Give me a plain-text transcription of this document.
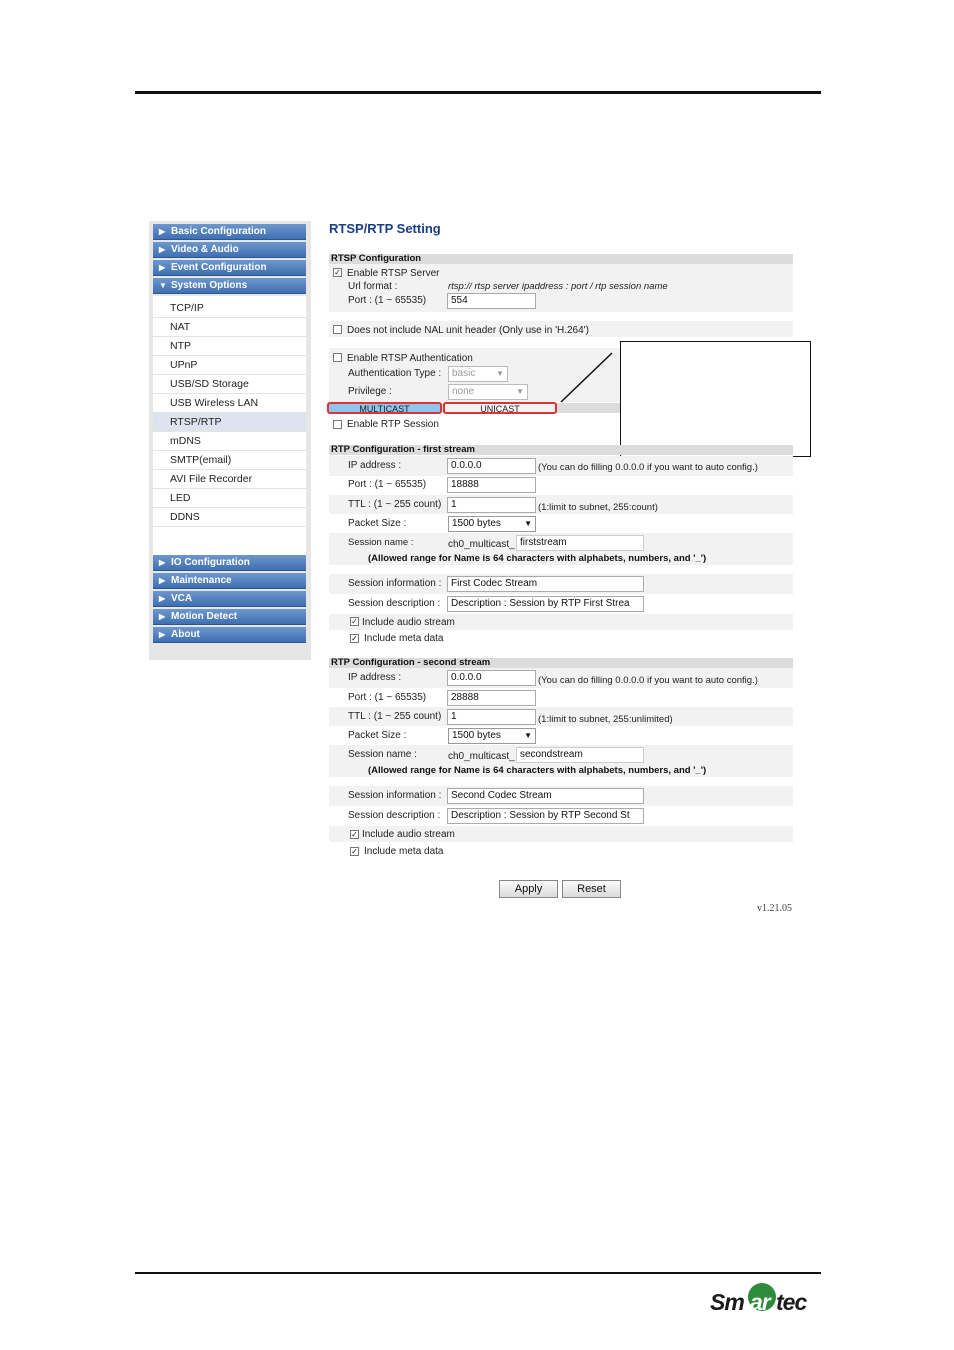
▶ Basic Configuration
▶ Video & Audio
▶ Event Configuration
▼ System Options
TCP/IP
NAT
NTP
UPnP
USB/SD Storage
USB Wireless LAN
RTSP/RTP
mDNS
SMTP(email)
AVI File Recorder
LED
DDNS
▶ IO Configuration
▶ Maintenance
▶ VCA
▶ Motion Detect
▶ About
RTSP/RTP Setting
RTSP Configuration
✓ Enable RTSP Server
Url format :	rtsp:// rtsp server ipaddress : port / rtp session name
Port : (1 ~ 65535)	554
Does not include NAL unit header (Only use in 'H.264')
Enable RTSP Authentication
Authentication Type :	basic	▼
Privilege :	none	▼
MULTICAST	UNICAST
Enable RTP Session
RTP Configuration - first stream
IP address :	0.0.0.0	(You can do filling 0.0.0.0 if you want to auto config.)
Port : (1 ~ 65535)	18888
TTL : (1 ~ 255 count) 1	(1:limit to subnet, 255:count)
Packet Size :	1500 bytes	▼
Session name :	ch0_multicast_ firststream
(Allowed range for Name is 64 characters with alphabets, numbers, and '_')
Session information : First Codec Stream
Session description :	Description : Session by RTP First Strea
✓ Include audio stream
✓ Include meta data
RTP Configuration - second stream
IP address :	0.0.0.0	(You can do filling 0.0.0.0 if you want to auto config.)
Port : (1 ~ 65535)	28888
TTL : (1 ~ 255 count) 1	(1:limit to subnet, 255:unlimited)
Packet Size :	1500 bytes	▼
Session name :	ch0_multicast_ secondstream
(Allowed range for Name is 64 characters with alphabets, numbers, and '_')
Session information : Second Codec Stream
Session description :	Description : Session by RTP Second St
✓ Include audio stream
✓ Include meta data
Apply	Reset
v1.21.05
Sm ar tec
